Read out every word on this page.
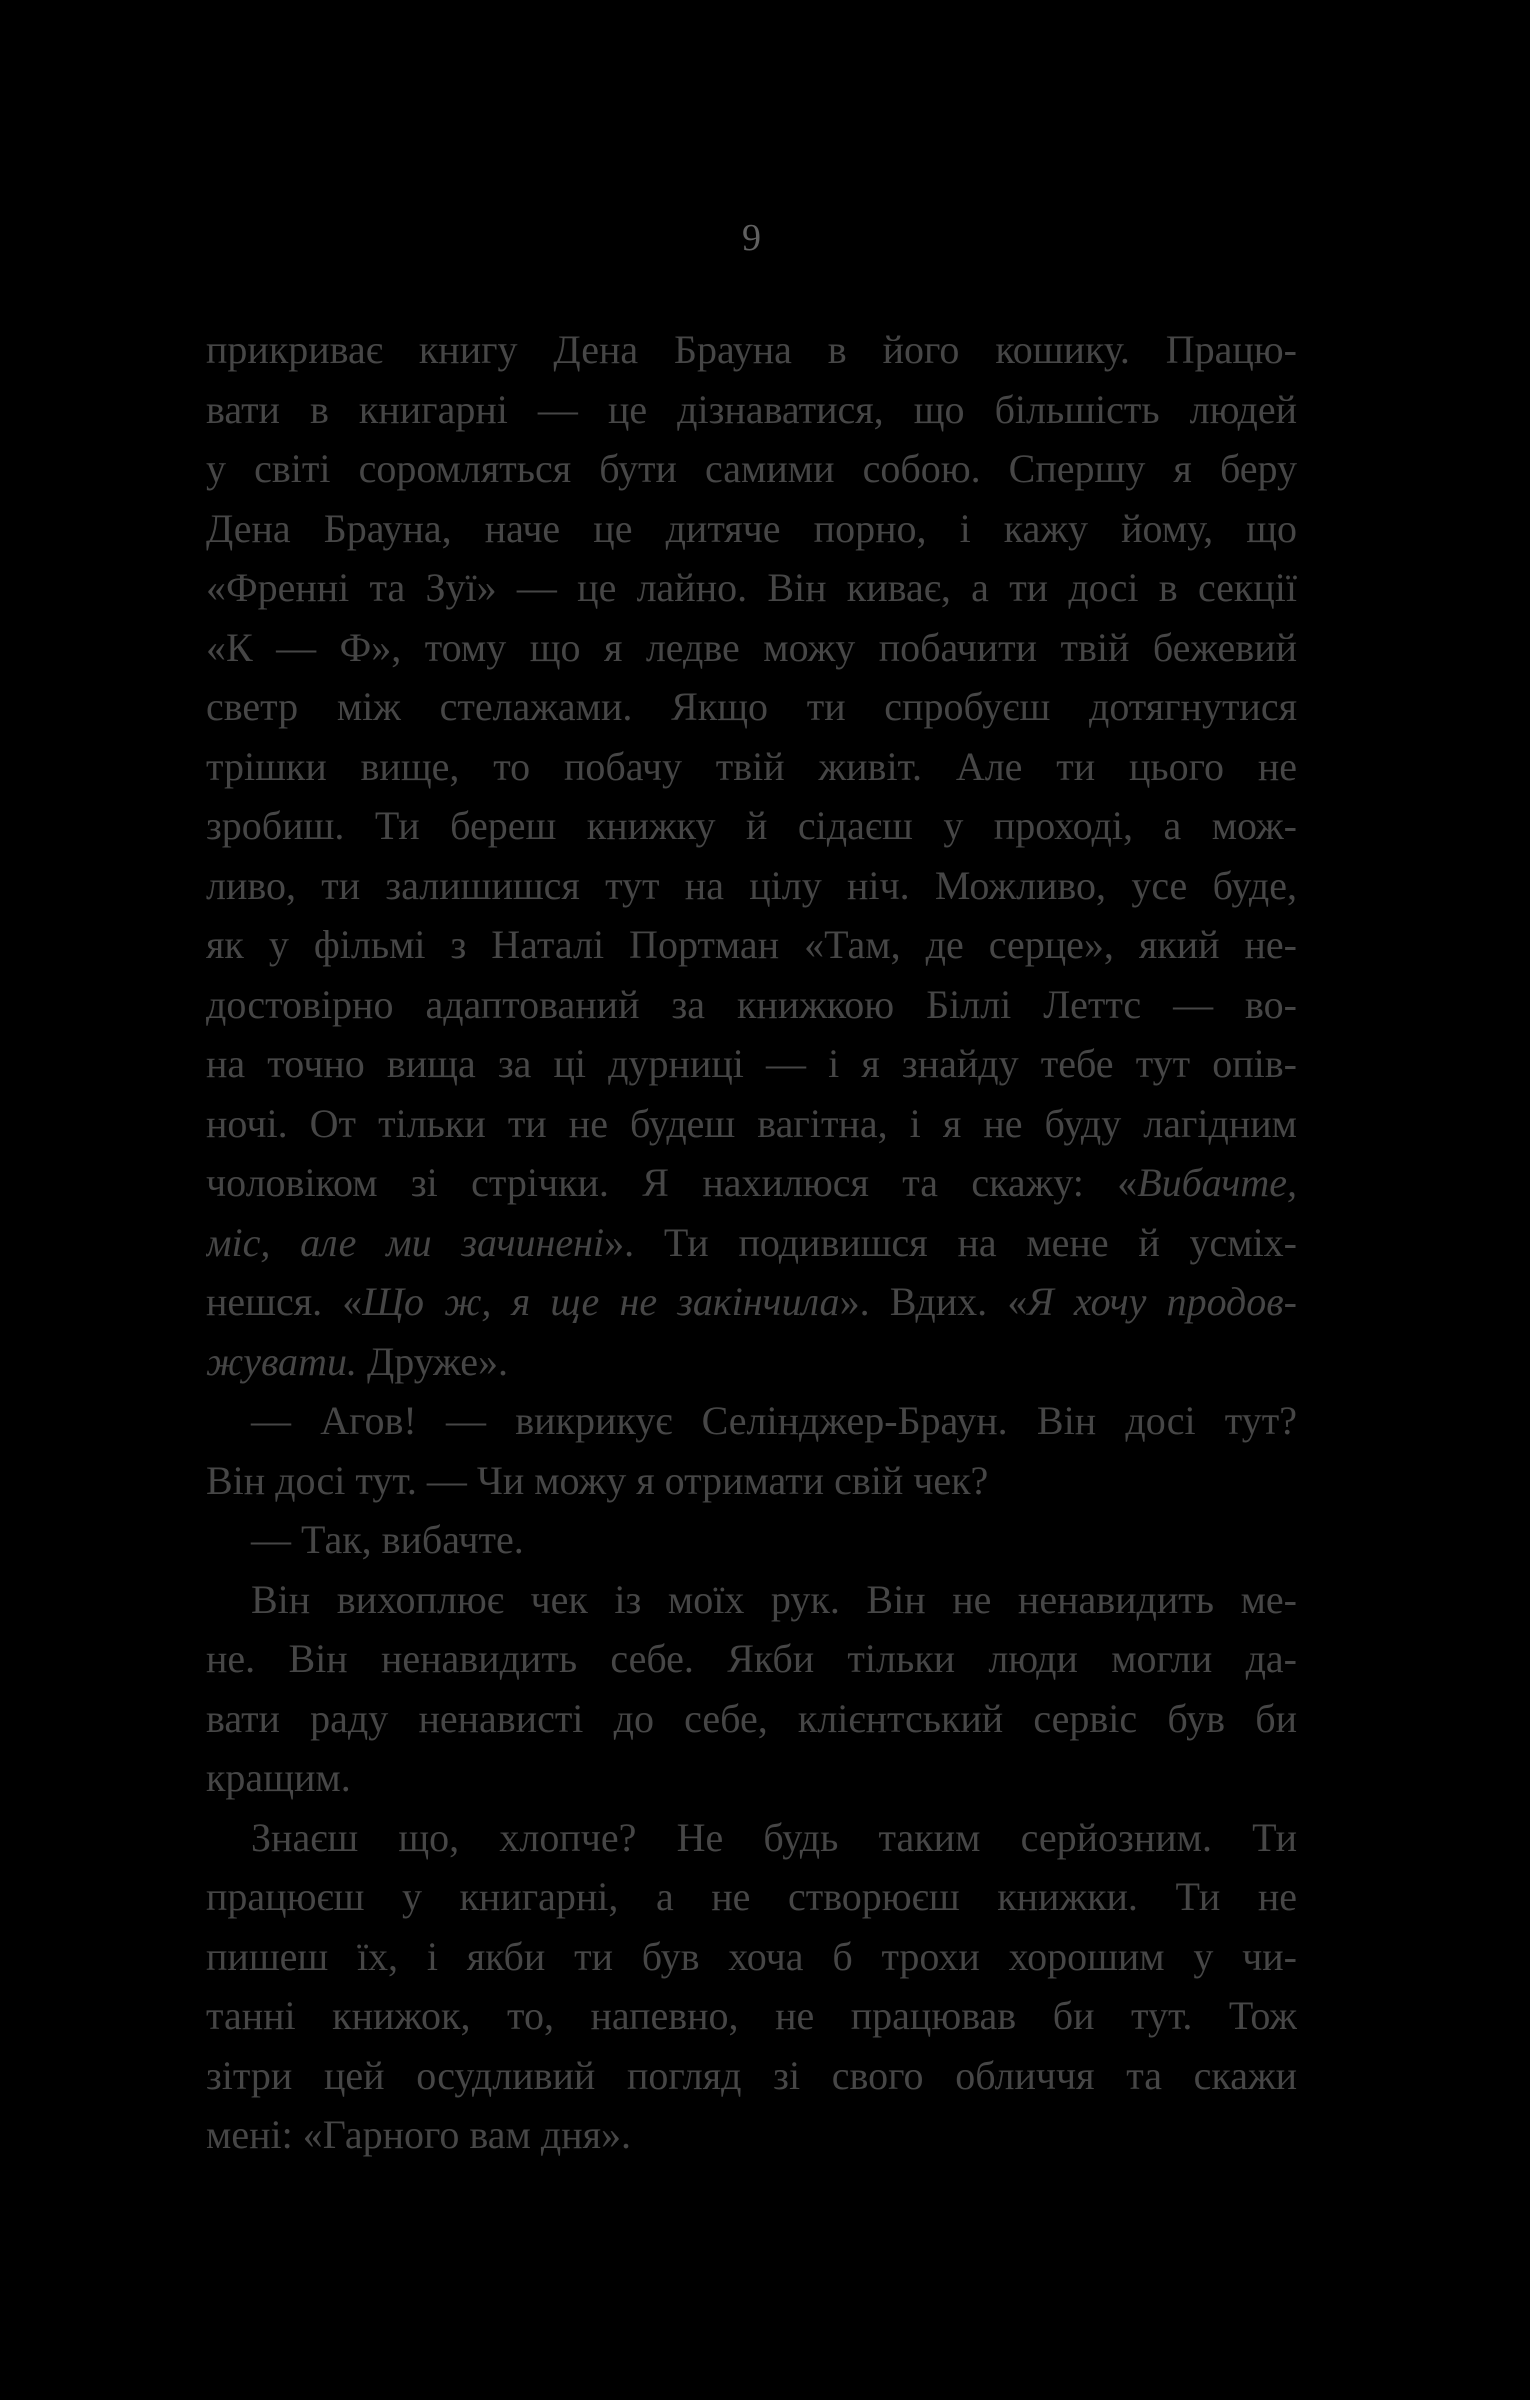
9
прикриває книгу Дена Брауна в його кошику. Працю-
вати в книгарні — це дізнаватися, що більшість людей
у світі соромляться бути самими собою. Спершу я беру
Дена Брауна, наче це дитяче порно, і кажу йому, що
«Френні та Зуї» — це лайно. Він киває, а ти досі в секції
«К — Ф», тому що я ледве можу побачити твій бежевий
светр між стелажами. Якщо ти спробуєш дотягнутися
трішки вище, то побачу твій живіт. Але ти цього не
зробиш. Ти береш книжку й сідаєш у проході, а мож-
ливо, ти залишишся тут на цілу ніч. Можливо, усе буде,
як у фільмі з Наталі Портман «Там, де серце», який не-
достовірно адаптований за книжкою Біллі Леттс — во-
на точно вища за ці дурниці — і я знайду тебе тут опів-
ночі. От тільки ти не будеш вагітна, і я не буду лагідним
чоловіком зі стрічки. Я нахилюся та скажу: «Вибачте,
міс, але ми зачинені». Ти подивишся на мене й усміх-
нешся. «Що ж, я ще не закінчила». Вдих. «Я хочу продов-
жувати. Друже».
— Агов! — викрикує Селінджер-Браун. Він досі тут?
Він досі тут. — Чи можу я отримати свій чек?
— Так, вибачте.
Він вихоплює чек із моїх рук. Він не ненавидить ме-
не. Він ненавидить себе. Якби тільки люди могли да-
вати раду ненависті до себе, клієнтський сервіс був би
кращим.
Знаєш що, хлопче? Не будь таким серйозним. Ти
працюєш у книгарні, а не створюєш книжки. Ти не
пишеш їх, і якби ти був хоча б трохи хорошим у чи-
танні книжок, то, напевно, не працював би тут. Тож
зітри цей осудливий погляд зі свого обличчя та скажи
мені: «Гарного вам дня».
